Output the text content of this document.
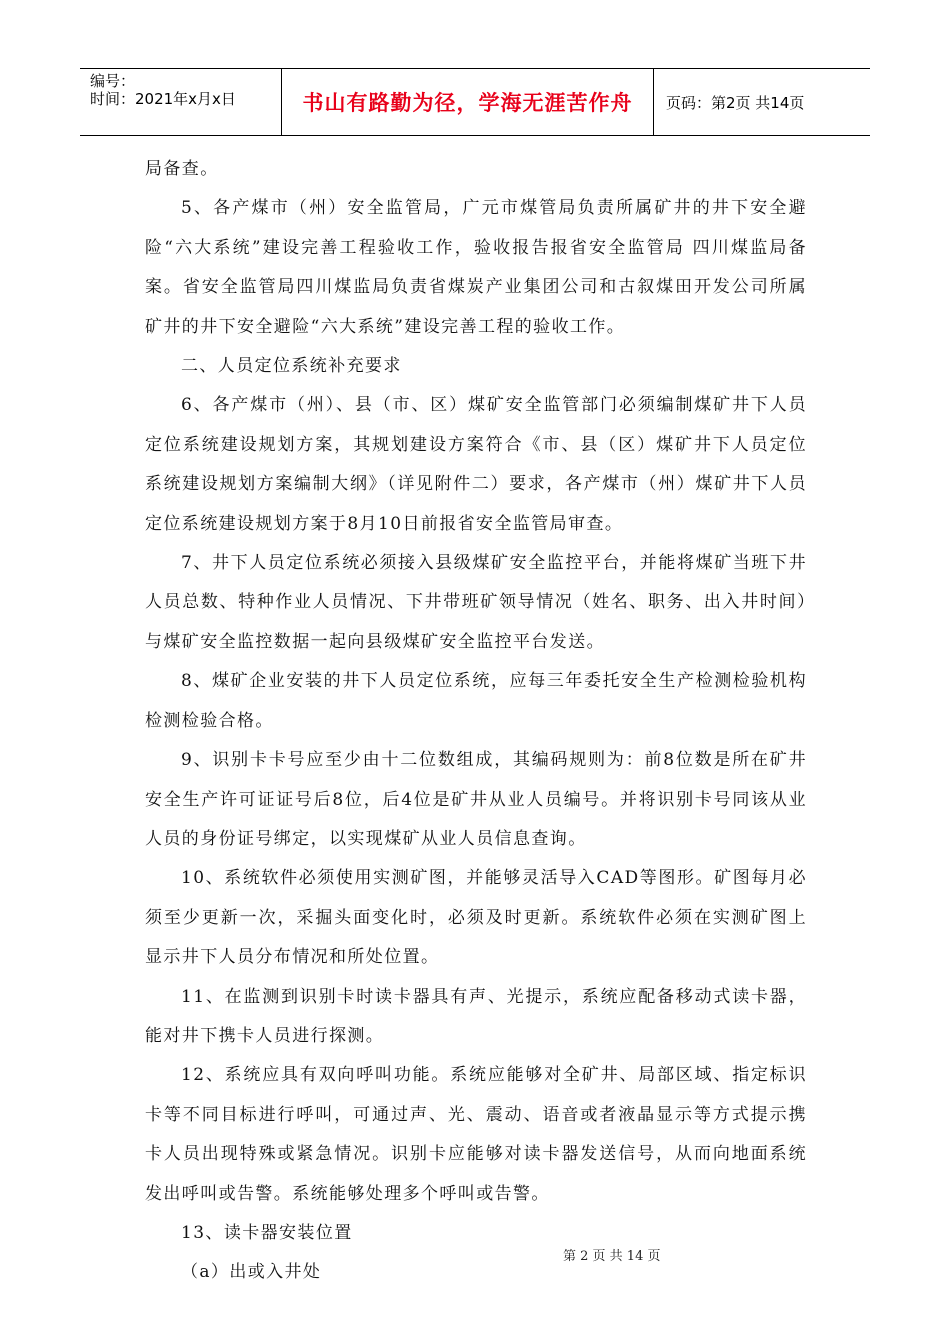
编号：
时间：2021年x月x日	书山有路勤为径，学海无涯苦作舟	页码：第2页 共14页

局备查。

5、各产煤市（州）安全监管局，广元市煤管局负责所属矿井的井下安全避险“六大系统”建设完善工程验收工作，验收报告报省安全监管局 四川煤监局备案。省安全监管局四川煤监局负责省煤炭产业集团公司和古叙煤田开发公司所属矿井的井下安全避险“六大系统”建设完善工程的验收工作。

二、人员定位系统补充要求

6、各产煤市（州）、县（市、区）煤矿安全监管部门必须编制煤矿井下人员定位系统建设规划方案，其规划建设方案符合《市、县（区）煤矿井下人员定位系统建设规划方案编制大纲》（详见附件二）要求，各产煤市（州）煤矿井下人员定位系统建设规划方案于8月10日前报省安全监管局审查。

7、井下人员定位系统必须接入县级煤矿安全监控平台，并能将煤矿当班下井人员总数、特种作业人员情况、下井带班矿领导情况（姓名、职务、出入井时间）与煤矿安全监控数据一起向县级煤矿安全监控平台发送。

8、煤矿企业安装的井下人员定位系统，应每三年委托安全生产检测检验机构检测检验合格。

9、识别卡卡号应至少由十二位数组成，其编码规则为：前8位数是所在矿井安全生产许可证证号后8位，后4位是矿井从业人员编号。并将识别卡号同该从业人员的身份证号绑定，以实现煤矿从业人员信息查询。

10、系统软件必须使用实测矿图，并能够灵活导入CAD等图形。矿图每月必须至少更新一次，采掘头面变化时，必须及时更新。系统软件必须在实测矿图上显示井下人员分布情况和所处位置。

11、在监测到识别卡时读卡器具有声、光提示，系统应配备移动式读卡器，能对井下携卡人员进行探测。

12、系统应具有双向呼叫功能。系统应能够对全矿井、局部区域、指定标识卡等不同目标进行呼叫，可通过声、光、震动、语音或者液晶显示等方式提示携卡人员出现特殊或紧急情况。识别卡应能够对读卡器发送信号，从而向地面系统发出呼叫或告警。系统能够处理多个呼叫或告警。

13、读卡器安装位置

（a）出或入井处

第 2 页 共 14 页
